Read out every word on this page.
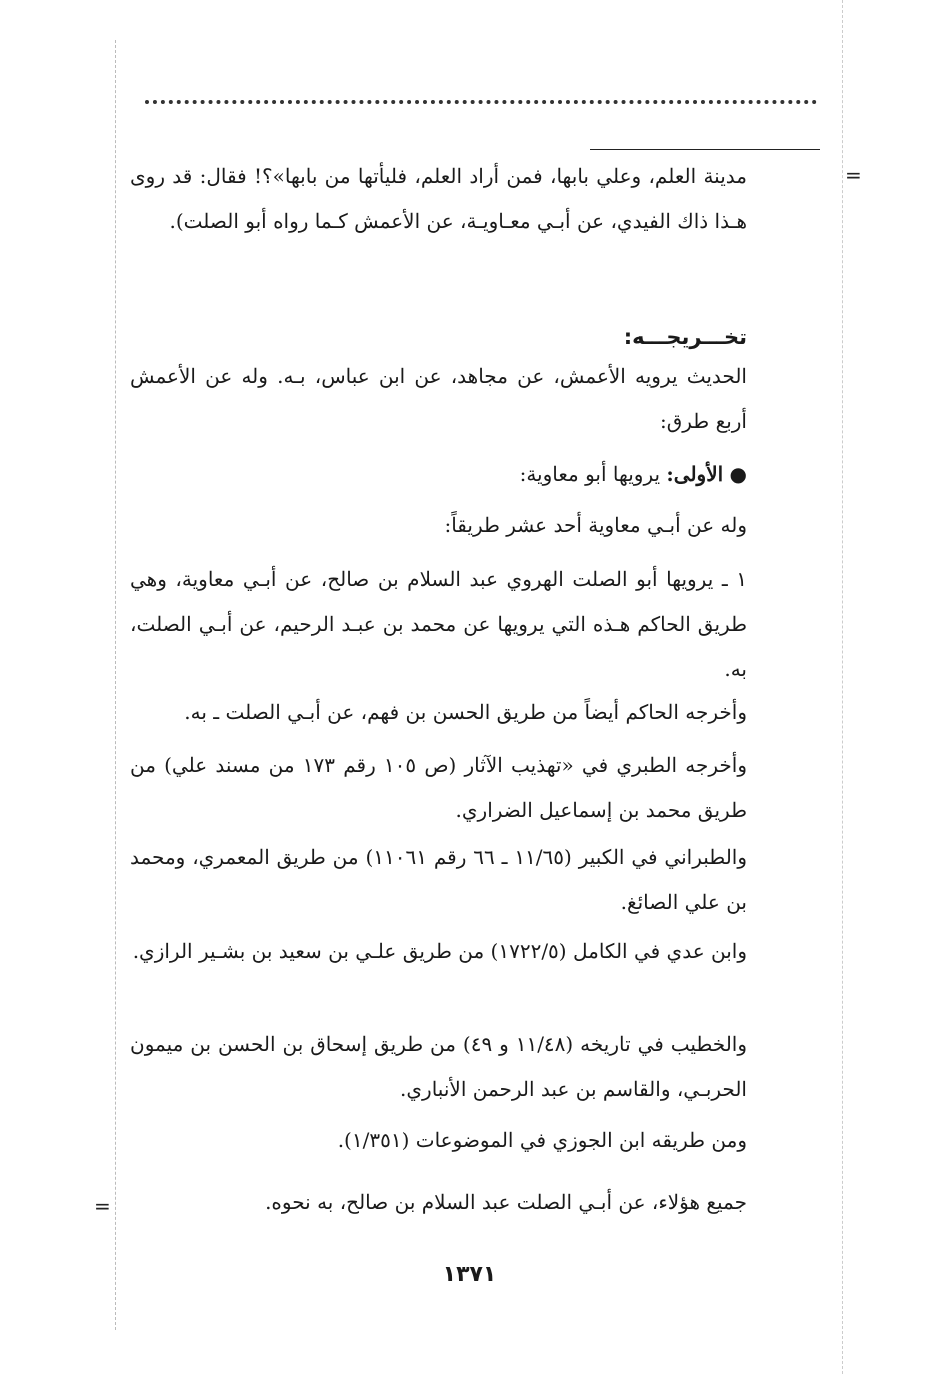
=
=
مدينة العلم، وعلي بابها، فمن أراد العلم، فليأتها من بابها»؟! فقال: قد روى هـذا ذاك الفيدي، عن أبـي معـاويـة، عن الأعمش كـما رواه أبو الصلت).
تخـــريجـــه:
الحديث يرويه الأعمش، عن مجاهد، عن ابن عباس، بـه. وله عن الأعمش أربع طرق:
● الأولى: يرويها أبو معاوية:
وله عن أبـي معاوية أحد عشر طريقاً:
١ ـ يرويها أبو الصلت الهروي عبد السلام بن صالح، عن أبـي معاوية، وهي طريق الحاكم هـذه التي يرويها عن محمد بن عبـد الرحيم، عن أبـي الصلت، به.
وأخرجه الحاكم أيضاً من طريق الحسن بن فهم، عن أبـي الصلت ـ به.
وأخرجه الطبري في «تهذيب الآثار (ص ١٠٥ رقم ١٧٣ من مسند علي) من طريق محمد بن إسماعيل الضراري.
والطبراني في الكبير (١١/٦٥ ـ ٦٦ رقم ١١٠٦١) من طريق المعمري، ومحمد بن علي الصائغ.
وابن عدي في الكامل (١٧٢٢/٥) من طريق علـي بن سعيد بن بشـير الرازي.
والخطيب في تاريخه (١١/٤٨ و ٤٩) من طريق إسحاق بن الحسن بن ميمون الحربـي، والقاسم بن عبد الرحمن الأنباري.
ومن طريقه ابن الجوزي في الموضوعات (١/٣٥١).
جميع هؤلاء، عن أبـي الصلت عبد السلام بن صالح، به نحوه.
١٣٧١
